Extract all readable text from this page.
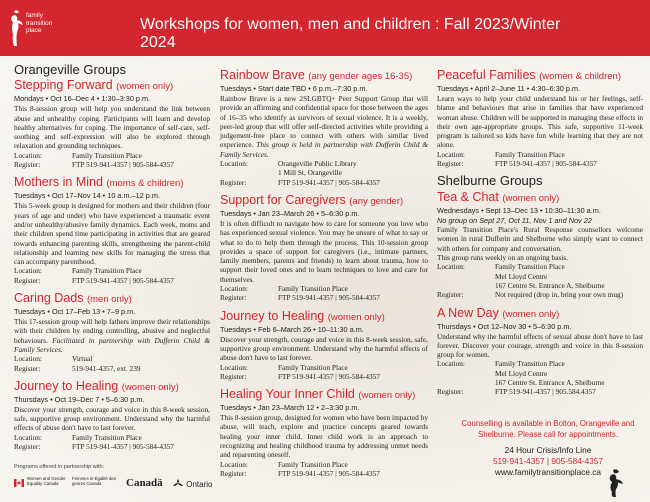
family
transition
place	Workshops for women, men and children : Fall 2023/Winter 2024
Orangeville Groups
Stepping Forward (women only)
Mondays • Oct 16–Dec 4 • 1:30–3:30 p.m.
This 8-session group will help you understand the link between abuse and unhealthy coping. Participants will learn and develop healthy alternatives for coping. The importance of self-care, self-soothing and self-expression will also be explored through relaxation and grounding techniques.
Location:	Family Transition Place
Register:	FTP 519-941-4357 | 905-584-4357
Mothers in Mind (moms & children)
Tuesdays • Oct 17–Nov 14 • 10 a.m.–12 p.m.
This 5-week group is designed for mothers and their children (four years of age and under) who have experienced a traumatic event and/or unhealthy/abusive family dynamics. Each week, moms and their children spend time participating in activities that are geared towards enhancing parenting skills, strengthening the parent-child relationship and learning new skills for managing the stress that can accompany parenthood.
Location:	Family Transition Place
Register:	FTP 519-941-4357 | 905-584-4357
Caring Dads (men only)
Tuesdays • Oct 17–Feb 13 • 7–9 p.m.
This 17-session group will help fathers improve their relationships with their children by ending controlling, abusive and neglectful behaviours. Facilitated in partnership with Dufferin Child & Family Services.
Location:	Virtual
Register:	519-941-4357, ext. 239
Journey to Healing (women only)
Thursdays • Oct 19–Dec 7 • 5–6:30 p.m.
Discover your strength, courage and voice in this 8-week session, safe, supportive group environment. Understand why the harmful effects of abuse don't have to last forever.
Location:	Family Transition Place
Register:	FTP 519-941-4357 | 905-584-4357
Rainbow Brave (any gender ages 16-35)
Tuesdays • Start date TBD • 6 p.m.–7:30 p.m.
Rainbow Brave is a new 2SLGBTQ+ Peer Support Group that will provide an affirming and confidential space for those between the ages of 16–35 who identify as survivors of sexual violence. It is a weekly, peer-led group that will offer self-directed activities while providing a judgement-free place to connect with others with similar lived experience. This group is held in partnership with Dufferin Child & Family Services.
Location:	Orangeville Public Library
1 Mill St, Orangeville
Register:	FTP 519-941-4357 | 905-584-4357
Support for Caregivers (any gender)
Tuesdays • Jan 23–March 26 • 5–6:30 p.m.
It is often difficult to navigate how to care for someone you love who has experienced sexual violence. You may be unsure of what to say or what to do to help them through the process. This 10-session group provides a space of support for caregivers (i.e., intimate partners, family members, parents and friends) to learn about trauma, how to support their loved ones and to learn techniques to love and care for themselves.
Location:	Family Transition Place
Register:	FTP 519-941-4357 | 905-584-4357
Journey to Healing (women only)
Tuesdays • Feb 6–March 26 • 10–11:30 a.m.
Discover your strength, courage and voice in this 8-week session, safe, supportive group environment. Understand why the harmful effects of abuse don't have to last forever.
Location:	Family Transition Place
Register:	FTP 519-941-4357 | 905-584-4357
Healing Your Inner Child (women only)
Tuesdays • Jan 23–March 12 • 2–3:30 p.m.
This 8-session group, designed for women who have been impacted by abuse, will teach, explore and practice concepts geared towards healing your inner child. Inner child work is an approach to recognizing and healing childhood trauma by addressing unmet needs and reparenting oneself.
Location:	Family Transition Place
Register:	FTP 519-941-4357 | 905-584-4357
Peaceful Families (women & children)
Tuesdays • April 2–June 11 • 4:30–6:30 p.m.
Learn ways to help your child understand his or her feelings, self-blame and behaviours that arise in families that have experienced woman abuse. Children will be supported in managing these effects in their own age-appropriate groups. This safe, supportive 11-week program is tailored so kids have fun while learning that they are not alone.
Location:	Family Transition Place
Register:	FTP 519-941-4357 | 905-584-4357
Shelburne Groups
Tea & Chat (women only)
Wednesdays • Sept 13–Dec 13 • 10:30–11:30 a.m.
No group on Sept 27, Oct 11, Nov 1 and Nov 22
Family Transition Place's Rural Response counsellors welcome women in rural Dufferin and Shelburne who simply want to connect with others for company and conversation.
This group runs weekly on an ongoing basis.
Location:	Family Transition Place
Mel Lloyd Centre
167 Centre St. Entrance A, Shelburne
Register:	Not required (drop in, bring your own mug)
A New Day (women only)
Thursdays • Oct 12–Nov 30 • 5–6:30 p.m.
Understand why the harmful effects of sexual abuse don't have to last forever. Discover your courage, strength and voice in this 8-session group for women.
Location:	Family Transition Place
Mel Lloyd Centre
167 Centre St. Entrance A, Shelburne
Register:	FTP 519-941-4357 | 905.584.4357
Programs offered in partnership with:
Women and Gender Equality Canada
Femmes et Égalité des genres Canada	Canadä	Ontario
Counselling is available in Bolton, Orangeville and Shelburne. Please call for appointments.
24 Hour Crisis/Info Line
519-941-4357 | 905-584-4357
www.familytransitionplace.ca
